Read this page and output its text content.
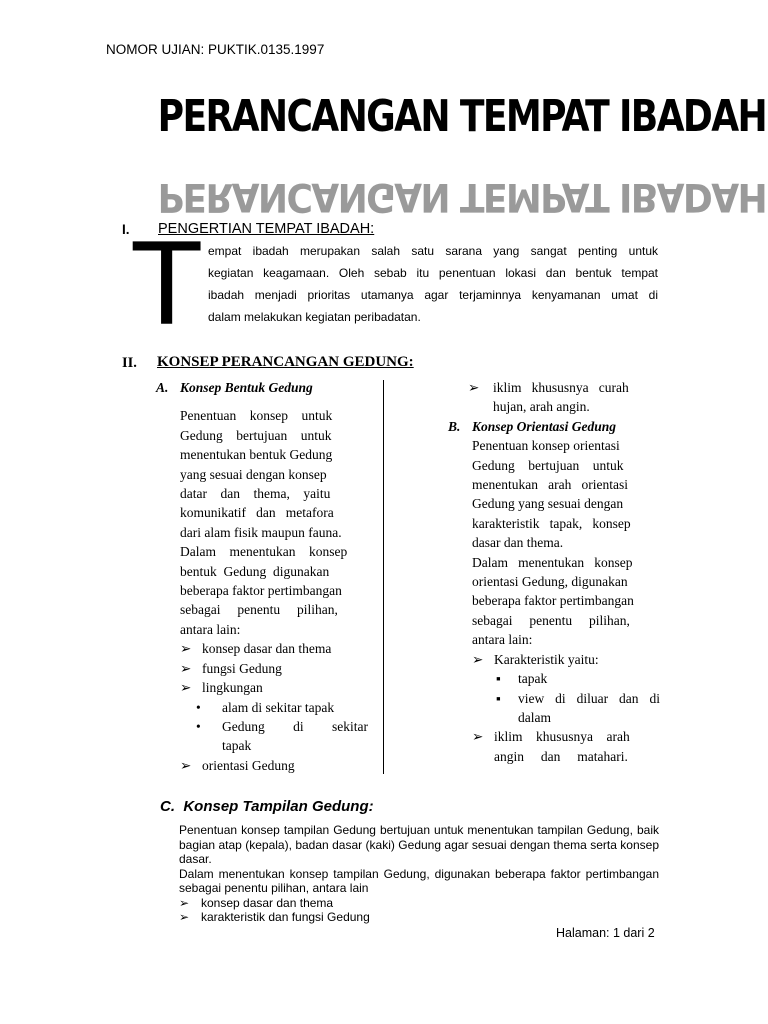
NOMOR UJIAN: PUKTIK.0135.1997
PERANCANGAN TEMPAT IBADAH
PERANCANGAN TEMPAT IBADAH
I. PENGERTIAN TEMPAT IBADAH:
T empat ibadah merupakan salah satu sarana yang sangat penting untuk
kegiatan keagamaan. Oleh sebab itu penentuan lokasi dan bentuk tempat
ibadah menjadi prioritas utamanya agar terjaminnya kenyamanan umat di
dalam melakukan kegiatan peribadatan.
II. KONSEP PERANCANGAN GEDUNG:
A. Konsep Bentuk Gedung
Penentuan    konsep    untuk
Gedung    bertujuan    untuk
menentukan bentuk Gedung
yang sesuai dengan konsep
datar    dan    thema,    yaitu
komunikatif   dan   metafora
dari alam fisik maupun fauna.
Dalam    menentukan    konsep
bentuk  Gedung  digunakan
beberapa faktor pertimbangan
sebagai     penentu     pilihan,
antara lain:
➢ konsep dasar dan thema
➢ fungsi Gedung
➢ lingkungan
•	alam di sekitar tapak
•	Gedung di sekitar tapak
➢ orientasi Gedung
➢	iklim   khususnya   curah
hujan, arah angin.
B. Konsep Orientasi Gedung
Penentuan konsep orientasi
Gedung    bertujuan    untuk
menentukan   arah   orientasi
Gedung yang sesuai dengan
karakteristik   tapak,   konsep
dasar dan thema.
Dalam   menentukan   konsep
orientasi Gedung, digunakan
beberapa faktor pertimbangan
sebagai     penentu     pilihan,
antara lain:
➢ Karakteristik yaitu:
▪	tapak
▪	view di diluar dan di
dalam
➢ iklim    khususnya    arah
angin     dan     matahari.
C.  Konsep Tampilan Gedung:
Penentuan konsep tampilan Gedung bertujuan untuk menentukan tampilan Gedung, baik bagian atap (kepala), badan dasar (kaki) Gedung agar sesuai dengan thema serta konsep dasar.
Dalam menentukan konsep tampilan Gedung, digunakan beberapa faktor pertimbangan sebagai penentu pilihan, antara lain
➢ konsep dasar dan thema
➢ karakteristik dan fungsi Gedung
Halaman: 1 dari 2
